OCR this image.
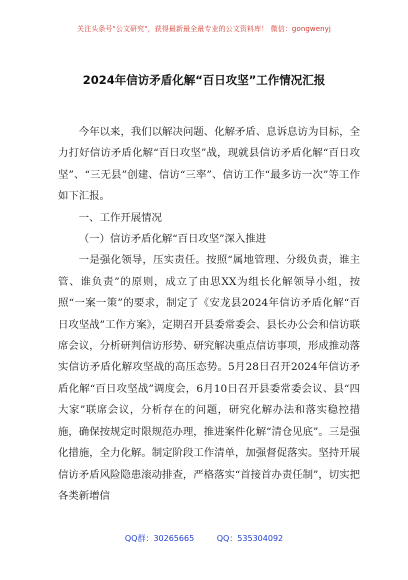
关注头条号"公文研究"，获得最新最全最专业的公文资料库！ 微信：gongwenyj
2024年信访矛盾化解“百日攻坚”工作情况汇报

今年以来，我们以解决问题、化解矛盾、息诉息访为目标，全力打好信访矛盾化解“百日攻坚”战，现就县信访矛盾化解“百日攻坚”、“三无县”创建、信访“三率”、信访工作“最多访一次”等工作如下汇报。

一、工作开展情况

（一）信访矛盾化解“百日攻坚”深入推进

一是强化领导，压实责任。按照“属地管理、分级负责，谁主管、谁负责”的原则，成立了由思XX为组长化解领导小组，按照“一案一策”的要求，制定了《安龙县2024年信访矛盾化解“百日攻坚战”工作方案》，定期召开县委常委会、县长办公会和信访联席会议，分析研判信访形势、研究解决重点信访事项，形成推动落实信访矛盾化解攻坚战的高压态势。5月28日召开2024年信访矛盾化解“百日攻坚战”调度会，6月10日召开县委常委会议、县“四大家”联席会议，分析存在的问题，研究化解办法和落实稳控措施，确保按规定时限规范办理，推进案件化解“清仓见底”。三是强化措施，全力化解。制定阶段工作清单，加强督促落实。坚持开展信访矛盾风险隐患滚动排查，严格落实“首接首办责任制”，切实把各类新增信

QQ群：30265665	QQ：535304092
